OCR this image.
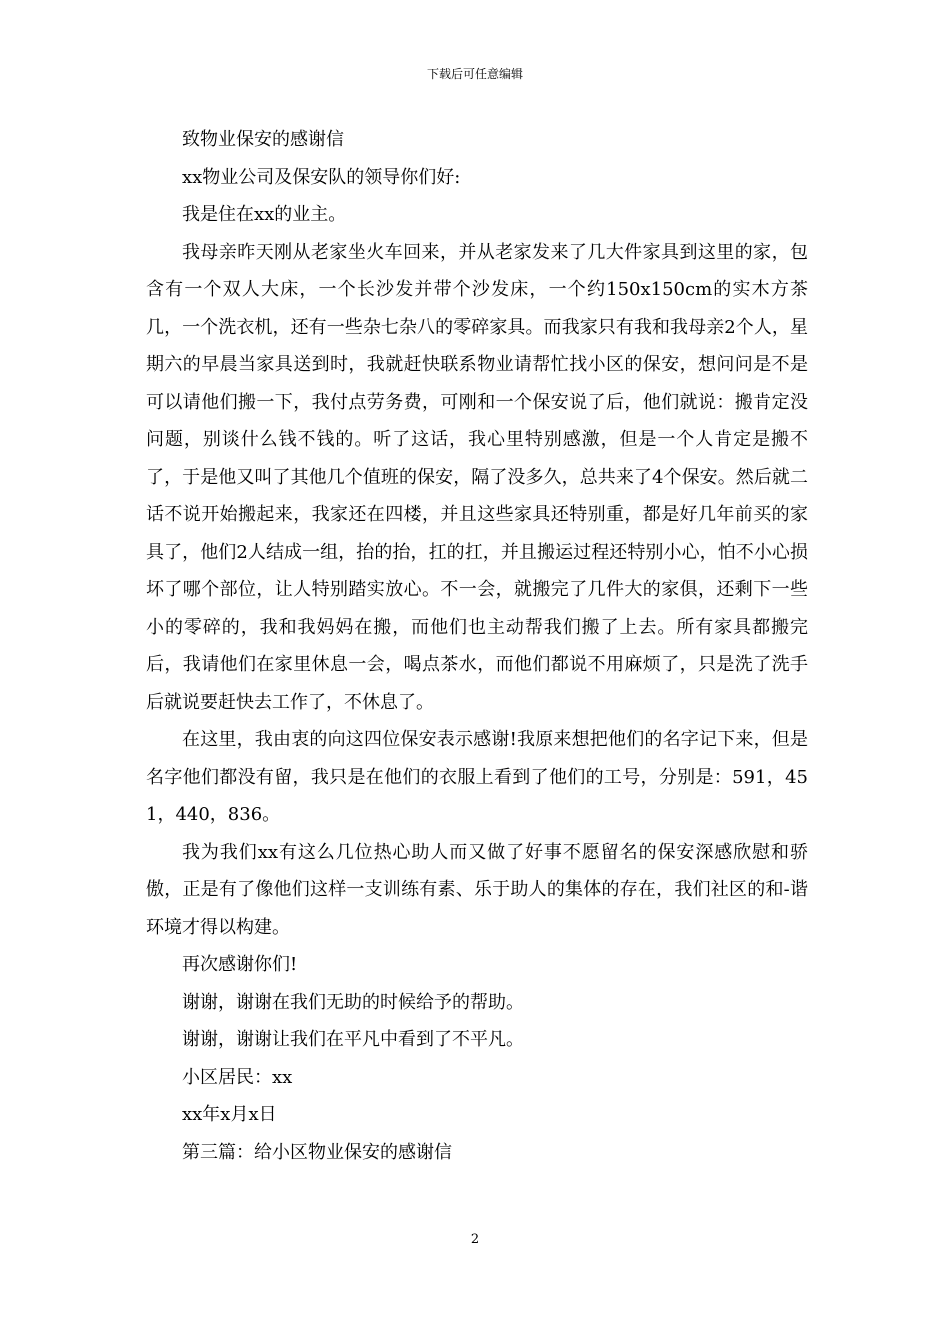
下载后可任意编辑

致物业保安的感谢信

xx物业公司及保安队的领导你们好:

我是住在xx的业主。

我母亲昨天刚从老家坐火车回来，并从老家发来了几大件家具到这里的家，包含有一个双人大床，一个长沙发并带个沙发床，一个约150x150cm的实木方茶几，一个洗衣机，还有一些杂七杂八的零碎家具。而我家只有我和我母亲2个人，星期六的早晨当家具送到时，我就赶快联系物业请帮忙找小区的保安，想问问是不是可以请他们搬一下，我付点劳务费，可刚和一个保安说了后，他们就说：搬肯定没问题，别谈什么钱不钱的。听了这话，我心里特别感激，但是一个人肯定是搬不了，于是他又叫了其他几个值班的保安，隔了没多久，总共来了4个保安。然后就二话不说开始搬起来，我家还在四楼，并且这些家具还特别重，都是好几年前买的家具了，他们2人结成一组，抬的抬，扛的扛，并且搬运过程还特别小心，怕不小心损坏了哪个部位，让人特别踏实放心。不一会，就搬完了几件大的家俱，还剩下一些小的零碎的，我和我妈妈在搬，而他们也主动帮我们搬了上去。所有家具都搬完后，我请他们在家里休息一会，喝点茶水，而他们都说不用麻烦了，只是洗了洗手后就说要赶快去工作了，不休息了。

在这里，我由衷的向这四位保安表示感谢!我原来想把他们的名字记下来，但是名字他们都没有留，我只是在他们的衣服上看到了他们的工号，分别是：591，451，440，836。

我为我们xx有这么几位热心助人而又做了好事不愿留名的保安深感欣慰和骄傲，正是有了像他们这样一支训练有素、乐于助人的集体的存在，我们社区的和-谐环境才得以构建。

再次感谢你们!

谢谢，谢谢在我们无助的时候给予的帮助。

谢谢，谢谢让我们在平凡中看到了不平凡。

小区居民：xx

xx年x月x日

第三篇：给小区物业保安的感谢信

2
